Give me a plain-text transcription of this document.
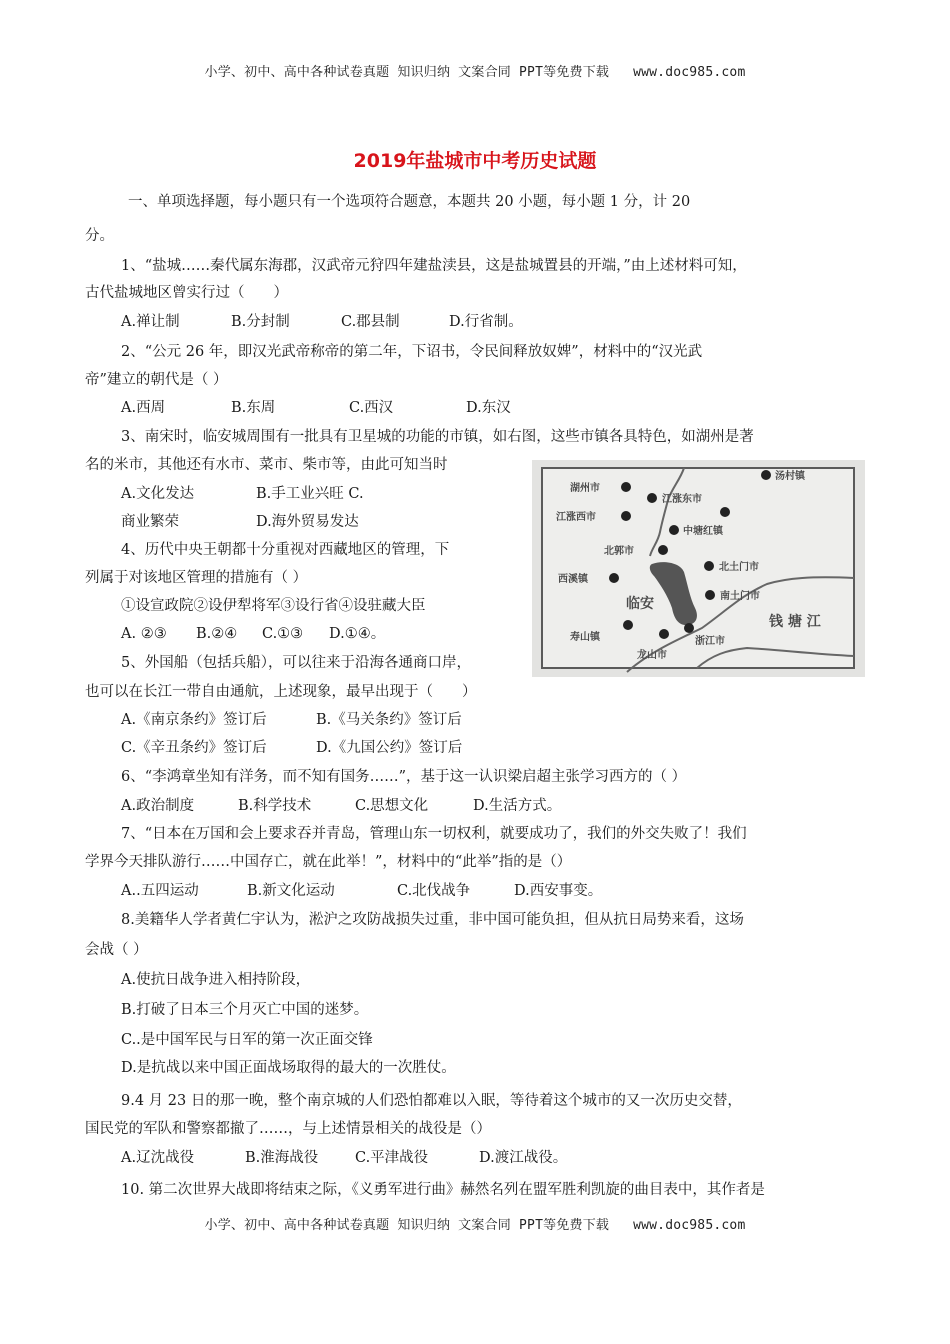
小学、初中、高中各种试卷真题 知识归纳 文案合同 PPT等免费下载 www.doc985.com
2019年盐城市中考历史试题
一、单项选择题，每小题只有一个选项符合题意，本题共 20 小题，每小题 1 分，计 20
分。
1、“盐城……秦代属东海郡，汉武帝元狩四年建盐渎县，这是盐城置县的开端，”由上述材料可知，
古代盐城地区曾实行过（　　）
A.禅让制	B.分封制	C.郡县制	D.行省制。
2、“公元 26 年，即汉光武帝称帝的第二年，下诏书，令民间释放奴婢”，材料中的“汉光武
帝”建立的朝代是（ ）
A.西周	B.东周	C.西汉	D.东汉
3、南宋时，临安城周围有一批具有卫星城的功能的市镇，如右图，这些市镇各具特色，如湖州是著
名的米市，其他还有水市、菜市、柴市等，由此可知当时
A.文化发达	B.手工业兴旺 C.
商业繁荣	D.海外贸易发达
4、历代中央王朝都十分重视对西藏地区的管理，下
列属于对该地区管理的措施有（ ）
①设宣政院②设伊犁将军③设行省④设驻藏大臣
A. ②③ B.②④ C.①③ D.①④。
湖州市
江涨东市
江涨西市
汤村镇
中塘红镇
北郭市
北土门市
西溪镇
临安	南土门市
钱 塘 江
寿山镇	浙江市
龙山市
5、外国船（包括兵船），可以往来于沿海各通商口岸，
也可以在长江一带自由通航，上述现象，最早出现于（　　）
A.《南京条约》签订后	B.《马关条约》签订后
C.《辛丑条约》签订后	D.《九国公约》签订后
6、“李鸿章坐知有洋务，而不知有国务……”，基于这一认识梁启超主张学习西方的（ ）
A.政治制度	B.科学技术	C.思想文化	D.生活方式。
7、“日本在万国和会上要求吞并青岛，管理山东一切权利，就要成功了，我们的外交失败了！我们
学界今天排队游行……中国存亡，就在此举！”，材料中的“此举”指的是（）
A..五四运动	B.新文化运动	C.北伐战争	D.西安事变。
8.美籍华人学者黄仁宇认为，淞沪之攻防战损失过重，非中国可能负担，但从抗日局势来看，这场
会战（ ）
A.使抗日战争进入相持阶段，
B.打破了日本三个月灭亡中国的迷梦。
C..是中国军民与日军的第一次正面交锋
D.是抗战以来中国正面战场取得的最大的一次胜仗。
9.4 月 23 日的那一晚，整个南京城的人们恐怕都难以入眠，等待着这个城市的又一次历史交替，
国民党的军队和警察都撤了……，与上述情景相关的战役是（）
A.辽沈战役	B.淮海战役	C.平津战役	D.渡江战役。
10. 第二次世界大战即将结束之际，《义勇军进行曲》赫然名列在盟军胜利凯旋的曲目表中，其作者是
小学、初中、高中各种试卷真题 知识归纳 文案合同 PPT等免费下载 www.doc985.com
